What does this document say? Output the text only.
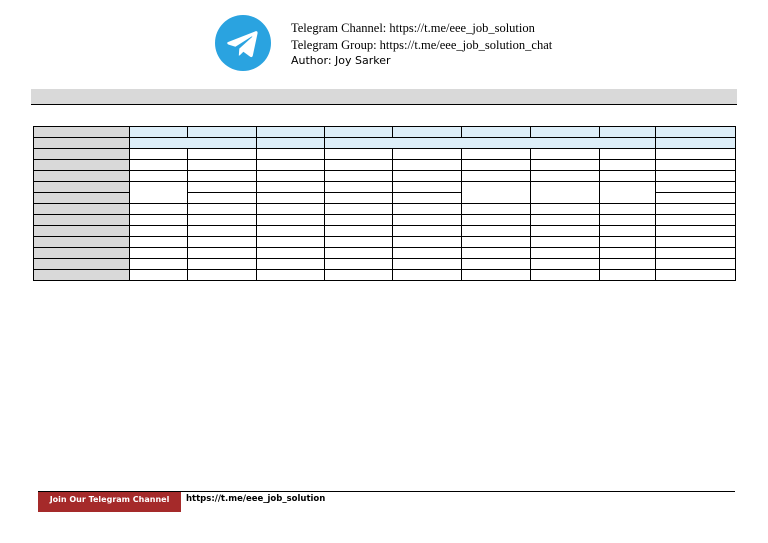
Telegram Channel: https://t.me/eee_job_solution
Telegram Group: https://t.me/eee_job_solution_chat
Author: Joy Sarker

Join Our Telegram Channel	https://t.me/eee_job_solution
